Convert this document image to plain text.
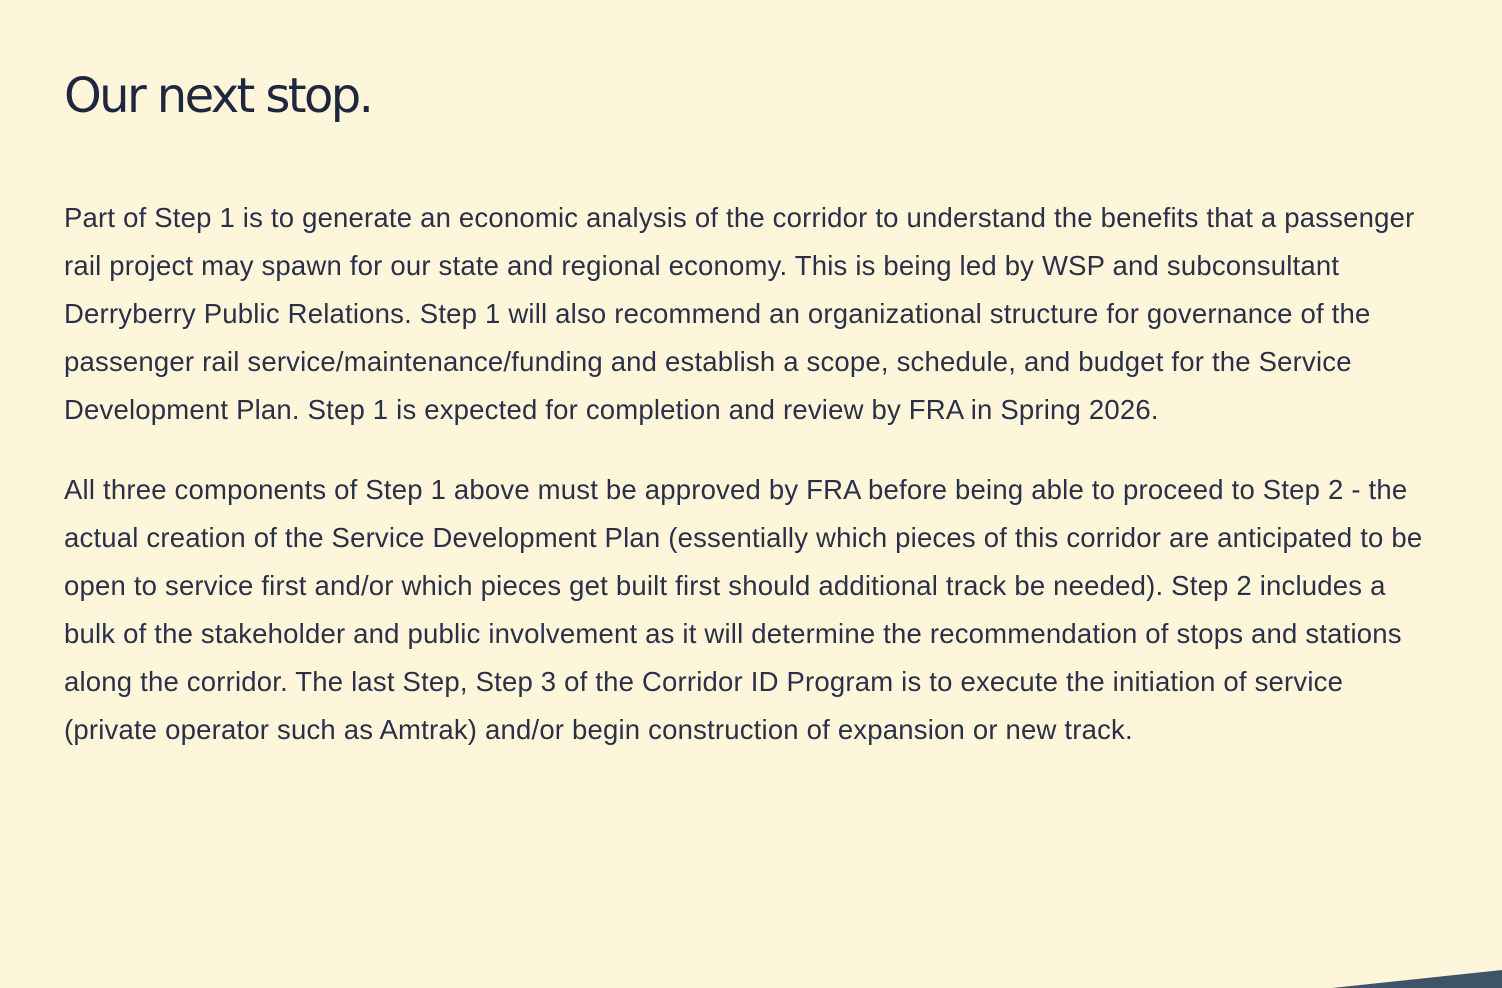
Our next stop.

Part of Step 1 is to generate an economic analysis of the corridor to understand the benefits that a passenger rail project may spawn for our state and regional economy. This is being led by WSP and subconsultant Derryberry Public Relations. Step 1 will also recommend an organizational structure for governance of the passenger rail service/maintenance/funding and establish a scope, schedule, and budget for the Service Development Plan. Step 1 is expected for completion and review by FRA in Spring 2026.

All three components of Step 1 above must be approved by FRA before being able to proceed to Step 2 - the actual creation of the Service Development Plan (essentially which pieces of this corridor are anticipated to be open to service first and/or which pieces get built first should additional track be needed). Step 2 includes a bulk of the stakeholder and public involvement as it will determine the recommendation of stops and stations along the corridor. The last Step, Step 3 of the Corridor ID Program is to execute the initiation of service (private operator such as Amtrak) and/or begin construction of expansion or new track.
